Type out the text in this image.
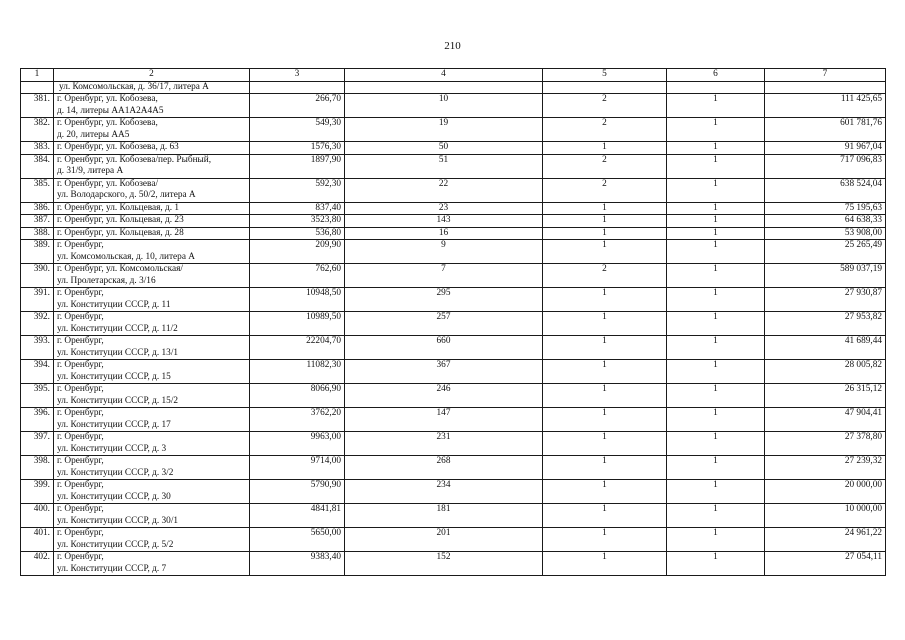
210
1	2	3	4	5	6	7
	ул. Комсомольская, д. 36/17, литера А					
381.	г. Оренбург, ул. Кобозева,
д. 14, литеры АА1А2А4А5	266,70	10	2	1	111 425,65
382.	г. Оренбург, ул. Кобозева,
д. 20, литеры АА5	549,30	19	2	1	601 781,76
383.	г. Оренбург, ул. Кобозева, д. 63	1576,30	50	1	1	91 967,04
384.	г. Оренбург, ул. Кобозева/пер. Рыбный,
д. 31/9, литера А	1897,90	51	2	1	717 096,83
385.	г. Оренбург, ул. Кобозева/
ул. Володарского, д. 50/2, литера А	592,30	22	2	1	638 524,04
386.	г. Оренбург, ул. Кольцевая, д. 1	837,40	23	1	1	75 195,63
387.	г. Оренбург, ул. Кольцевая, д. 23	3523,80	143	1	1	64 638,33
388.	г. Оренбург, ул. Кольцевая, д. 28	536,80	16	1	1	53 908,00
389.	г. Оренбург,
ул. Комсомольская, д. 10, литера А	209,90	9	1	1	25 265,49
390.	г. Оренбург, ул. Комсомольская/
ул. Пролетарская, д. 3/16	762,60	7	2	1	589 037,19
391.	г. Оренбург,
ул. Конституции СССР, д. 11	10948,50	295	1	1	27 930,87
392.	г. Оренбург,
ул. Конституции СССР, д. 11/2	10989,50	257	1	1	27 953,82
393.	г. Оренбург,
ул. Конституции СССР, д. 13/1	22204,70	660	1	1	41 689,44
394.	г. Оренбург,
ул. Конституции СССР, д. 15	11082,30	367	1	1	28 005,82
395.	г. Оренбург,
ул. Конституции СССР, д. 15/2	8066,90	246	1	1	26 315,12
396.	г. Оренбург,
ул. Конституции СССР, д. 17	3762,20	147	1	1	47 904,41
397.	г. Оренбург,
ул. Конституции СССР, д. 3	9963,00	231	1	1	27 378,80
398.	г. Оренбург,
ул. Конституции СССР, д. 3/2	9714,00	268	1	1	27 239,32
399.	г. Оренбург,
ул. Конституции СССР, д. 30	5790,90	234	1	1	20 000,00
400.	г. Оренбург,
ул. Конституции СССР, д. 30/1	4841,81	181	1	1	10 000,00
401.	г. Оренбург,
ул. Конституции СССР, д. 5/2	5650,00	201	1	1	24 961,22
402.	г. Оренбург,
ул. Конституции СССР, д. 7	9383,40	152	1	1	27 054,11
